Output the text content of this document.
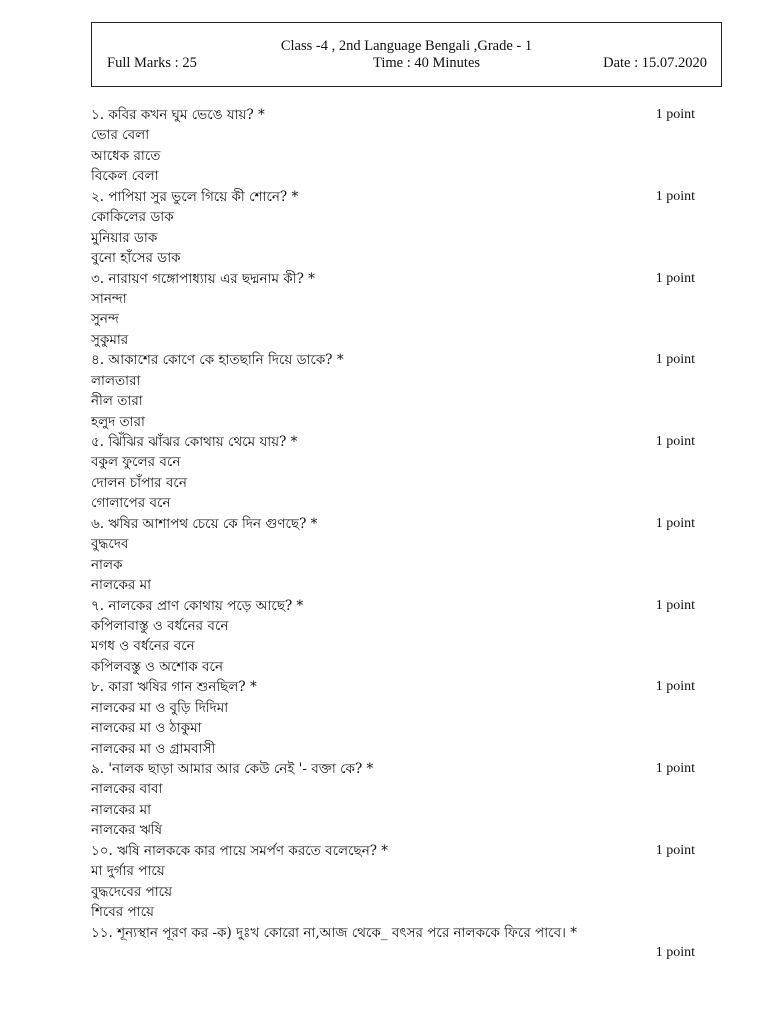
Class -4 , 2nd Language Bengali ,Grade - 1
Full Marks : 25	Time : 40 Minutes	Date : 15.07.2020
১. কবির কখন ঘুম ভেঙে যায়? *	1 point
ভোর বেলা
আধেক রাতে
বিকেল বেলা
২. পাপিয়া সুর ভুলে গিয়ে কী শোনে? *	1 point
কোকিলের ডাক
মুনিয়ার ডাক
বুনো হাঁসের ডাক
৩. নারায়ণ গঙ্গোপাধ্যায় এর ছদ্মনাম কী? *	1 point
সানন্দা
সুনন্দ
সুকুমার
৪. আকাশের কোণে কে হাতছানি দিয়ে ডাকে? *	1 point
লালতারা
নীল তারা
হলুদ তারা
৫. ঝিঁঝির ঝাঁঝর কোথায় থেমে যায়? *	1 point
বকুল ফুলের বনে
দোলন চাঁপার বনে
গোলাপের বনে
৬. ঋষির আশাপথ চেয়ে কে দিন গুণছে? *	1 point
বুদ্ধদেব
নালক
নালকের মা
৭. নালকের প্রাণ কোথায় পড়ে আছে? *	1 point
কপিলাবাস্তু ও বর্ধনের বনে
মগধ ও বর্ধনের বনে
কপিলবস্তু ও অশোক বনে
৮. কারা ঋষির গান শুনছিল? *	1 point
নালকের মা ও বুড়ি দিদিমা
নালকের মা ও ঠাকুমা
নালকের মা ও গ্রামবাসী
৯. 'নালক ছাড়া আমার আর কেউ নেই '- বক্তা কে? *	1 point
নালকের বাবা
নালকের মা
নালকের ঋষি
১০. ঋষি নালককে কার পায়ে সমর্পণ করতে বলেছেন? *	1 point
মা দুর্গার পায়ে
বুদ্ধদেবের পায়ে
শিবের পায়ে
১১. শূন্যস্থান পূরণ কর -ক) দুঃখ কোরো না,আজ থেকে_ বৎসর পরে নালককে ফিরে পাবে। *
1 point
